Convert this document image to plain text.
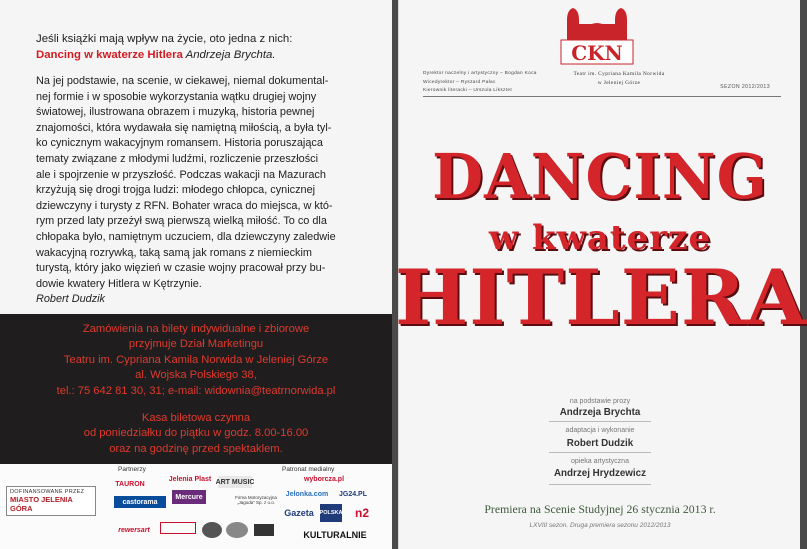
Jeśli książki mają wpływ na życie, oto jedna z nich:
Dancing w kwaterze Hitlera Andrzeja Brychta.
Na jej podstawie, na scenie, w ciekawej, niemal dokumental-
nej formie i w sposobie wykorzystania wątku drugiej wojny
światowej, ilustrowana obrazem i muzyką, historia pewnej
znajomości, która wydawała się namiętną miłością, a była tyl-
ko cynicznym wakacyjnym romansem. Historia poruszająca
tematy związane z młodymi ludźmi, rozliczenie przeszłości
ale i spojrzenie w przyszłość. Podczas wakacji na Mazurach
krzyżują się drogi trojga ludzi: młodego chłopca, cynicznej
dziewczyny i turysty z RFN. Bohater wraca do miejsca, w któ-
rym przed laty przeżył swą pierwszą wielką miłość. To co dla
chłopaka było, namiętnym uczuciem, dla dziewczyny zaledwie
wakacyjną rozrywką, taką samą jak romans z niemieckim
turystą, który jako więzień w czasie wojny pracował przy bu-
dowie kwatery Hitlera w Kętrzynie.
Robert Dudzik
Zamówienia na bilety indywidualne i zbiorowe
przyjmuje Dział Marketingu
Teatru im. Cypriana Kamila Norwida w Jeleniej Górze
al. Wojska Polskiego 38,
tel.: 75 642 81 30, 31; e-mail: widownia@teatrnorwida.pl
Kasa biletowa czynna
od poniedziałku do piątku w godz. 8.00-16.00
oraz na godzinę przed spektaklem.
DOFINANSOWANE PRZEZ
MIASTO JELENIA GÓRA
Partnerzy	Patronat medialny
TAURON
castorama
Jelenia Plast ART MUSIC
Mercure	Firma Motoryzacyjna „Jagoda” Sp. z o.o.
rewersart
wyborcza.pl
Jelonka.com	JG24.PL
Gazeta	POLSKA	n2
KULTURALNIE
CKN
Dyrektor naczelny i artystyczny – Bogdan Koca
Wicedyrektor – Ryszard Pałac
Kierownik literacki – Urszula Liksztet
Teatr im. Cypriana Kamila Norwida
w Jeleniej Górze
SEZON 2012/2013
DANCING
w kwaterze
HITLERA
na podstawie prozy
Andrzeja Brychta
adaptacja i wykonanie
Robert Dudzik
opieka artystyczna
Andrzej Hrydzewicz
Premiera na Scenie Studyjnej 26 stycznia 2013 r.
LXVIII sezon. Druga premiera sezonu 2012/2013
